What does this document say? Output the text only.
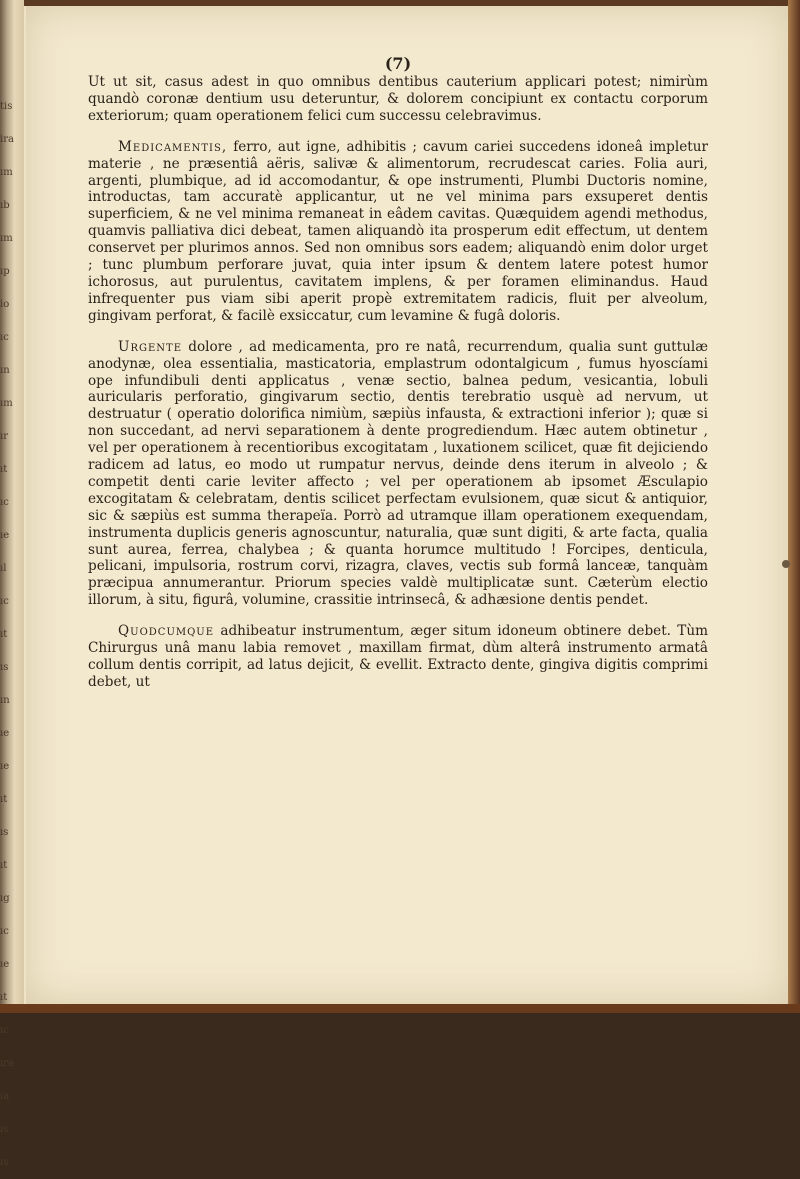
tis
ira
ım
ıb
ım
ıp
io
ıc
ın
ım
ır
ıt
ıc
ıe
ıl
ıc
ıt
ıs
ın
ıe
ıe
ıt
ıs
ıt
ıg
ıc
ıe
ıt
ıc
ıra
ıa
ıs
ıs
(7)

Ut ut sit, casus adest in quo omnibus dentibus cauterium applicari potest; nimirùm quandò coronæ dentium usu deteruntur, & dolorem concipiunt ex contactu corporum exteriorum; quam operationem felici cum successu celebravimus.

Medicamentis, ferro, aut igne, adhibitis ; cavum cariei succedens idoneâ impletur materie , ne præsentiâ aëris, salivæ & alimentorum, recrudescat caries. Folia auri, argenti, plumbique, ad id accomodantur, & ope instrumenti, Plumbi Ductoris nomine, introductas, tam accuratè applicantur, ut ne vel minima pars exsuperet dentis superficiem, & ne vel minima remaneat in eâdem cavitas. Quæquidem agendi methodus, quamvis palliativa dici debeat, tamen aliquandò ita prosperum edit effectum, ut dentem conservet per plurimos annos. Sed non omnibus sors eadem; aliquandò enim dolor urget ; tunc plumbum perforare juvat, quia inter ipsum & dentem latere potest humor ichorosus, aut purulentus, cavitatem implens, & per foramen eliminandus. Haud infrequenter pus viam sibi aperit propè extremitatem radicis, fluit per alveolum, gingivam perforat, & facilè exsiccatur, cum levamine & fugâ doloris.

Urgente dolore , ad medicamenta, pro re natâ, recurrendum, qualia sunt guttulæ anodynæ, olea essentialia, masticatoria, emplastrum odontalgicum , fumus hyoscíami ope infundibuli denti applicatus , venæ sectio, balnea pedum, vesicantia, lobuli auricularis perforatio, gingivarum sectio, dentis terebratio usquè ad nervum, ut destruatur ( operatio dolorifica nimiùm, sæpiùs infausta, & extractioni inferior ); quæ si non succedant, ad nervi separationem à dente progrediendum. Hæc autem obtinetur , vel per operationem à recentioribus excogitatam , luxationem scilicet, quæ fit dejiciendo radicem ad latus, eo modo ut rumpatur nervus, deinde dens iterum in alveolo ; & competit denti carie leviter affecto ; vel per operationem ab ipsomet Æsculapio excogitatam & celebratam, dentis scilicet perfectam evulsionem, quæ sicut & antiquior, sic & sæpiùs est summa therapeïa. Porrò ad utramque illam operationem exequendam, instrumenta duplicis generis agnoscuntur, naturalia, quæ sunt digiti, & arte facta, qualia sunt aurea, ferrea, chalybea ; & quanta horumce multitudo ! Forcipes, denticula, pelicani, impulsoria, rostrum corvi, rizagra, claves, vectis sub formâ lanceæ, tanquàm præcipua annumerantur. Priorum species valdè multiplicatæ sunt. Cæterùm electio illorum, à situ, figurâ, volumine, crassitie intrinsecâ, & adhæsione dentis pendet.

Quodcumque adhibeatur instrumentum, æger situm idoneum obtinere debet. Tùm Chirurgus unâ manu labia removet , maxillam firmat, dùm alterâ instrumento armatâ collum dentis corripit, ad latus dejicit, & evellit. Extracto dente, gingiva digitis comprimi debet, ut
